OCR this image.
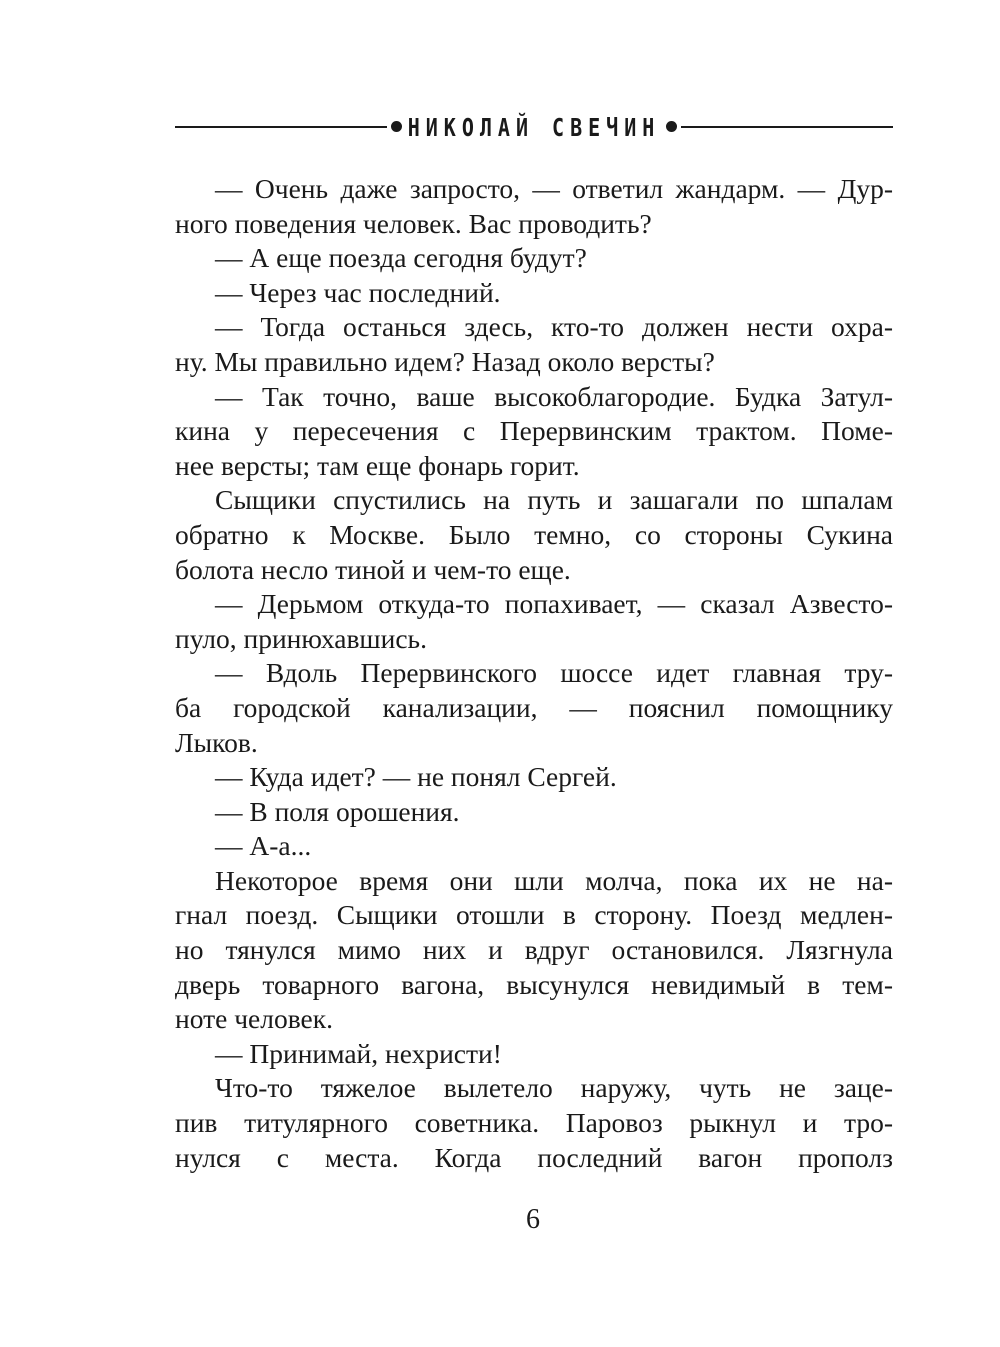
НИКОЛАЙ СВЕЧИН
— Очень даже запросто, — ответил жандарм. — Дур-
ного поведения человек. Вас проводить?
— А еще поезда сегодня будут?
— Через час последний.
— Тогда останься здесь, кто-то должен нести охра-
ну. Мы правильно идем? Назад около версты?
— Так точно, ваше высокоблагородие. Будка Затул-
кина у пересечения с Перервинским трактом. Поме-
нее версты; там еще фонарь горит.
Сыщики спустились на путь и зашагали по шпалам
обратно к Москве. Было темно, со стороны Сукина
болота несло тиной и чем-то еще.
— Дерьмом откуда-то попахивает, — сказал Азвесто-
пуло, принюхавшись.
— Вдоль Перервинского шоссе идет главная тру-
ба городской канализации, — пояснил помощнику
Лыков.
— Куда идет? — не понял Сергей.
— В поля орошения.
— А-а...
Некоторое время они шли молча, пока их не на-
гнал поезд. Сыщики отошли в сторону. Поезд медлен-
но тянулся мимо них и вдруг остановился. Лязгнула
дверь товарного вагона, высунулся невидимый в тем-
ноте человек.
— Принимай, нехристи!
Что-то тяжелое вылетело наружу, чуть не заце-
пив титулярного советника. Паровоз рыкнул и тро-
нулся с места. Когда последний вагон прополз
6
